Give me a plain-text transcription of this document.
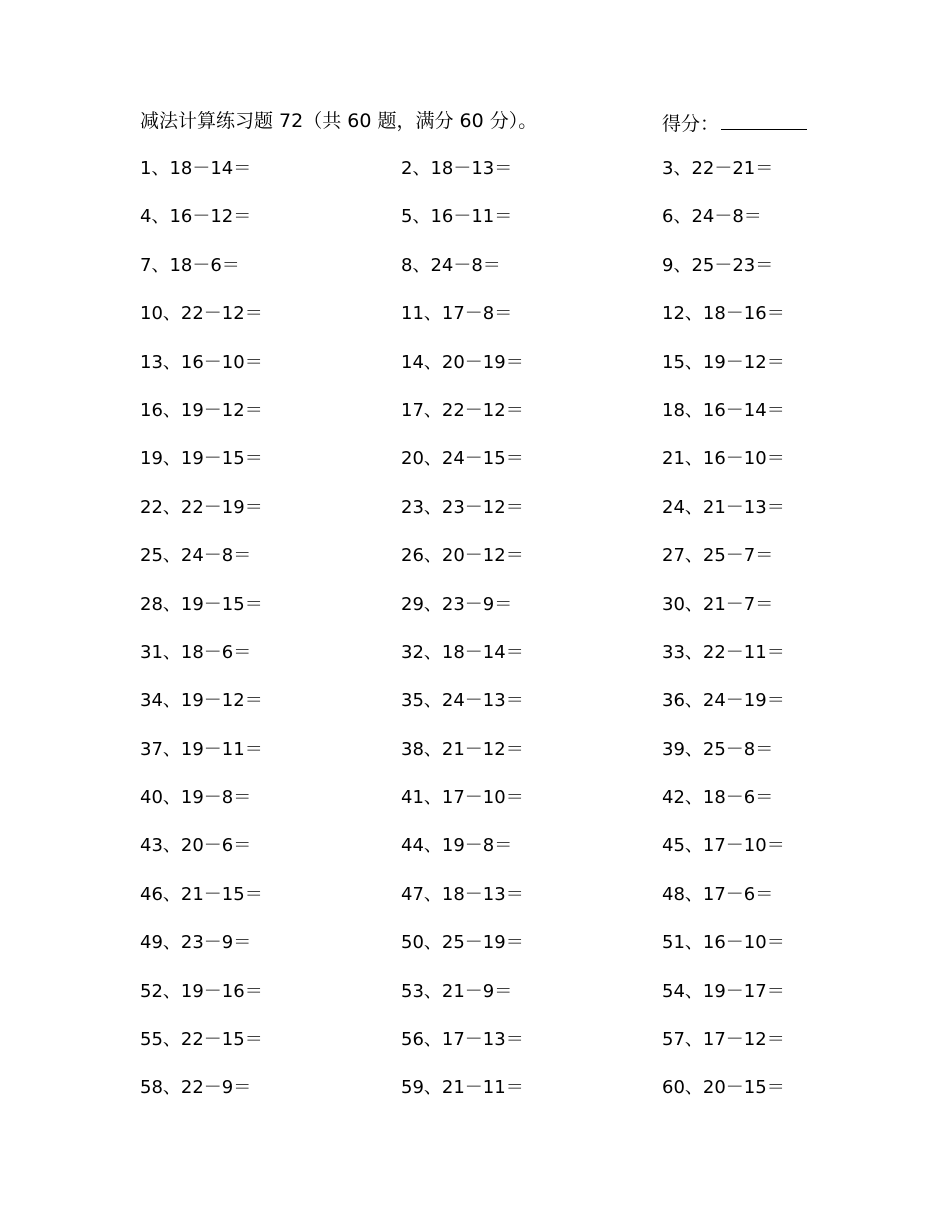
减法计算练习题 72（共 60 题，满分 60 分）。	得分：
1、18－14＝	2、18－13＝	3、22－21＝
4、16－12＝	5、16－11＝	6、24－8＝
7、18－6＝	8、24－8＝	9、25－23＝
10、22－12＝	11、17－8＝	12、18－16＝
13、16－10＝	14、20－19＝	15、19－12＝
16、19－12＝	17、22－12＝	18、16－14＝
19、19－15＝	20、24－15＝	21、16－10＝
22、22－19＝	23、23－12＝	24、21－13＝
25、24－8＝	26、20－12＝	27、25－7＝
28、19－15＝	29、23－9＝	30、21－7＝
31、18－6＝	32、18－14＝	33、22－11＝
34、19－12＝	35、24－13＝	36、24－19＝
37、19－11＝	38、21－12＝	39、25－8＝
40、19－8＝	41、17－10＝	42、18－6＝
43、20－6＝	44、19－8＝	45、17－10＝
46、21－15＝	47、18－13＝	48、17－6＝
49、23－9＝	50、25－19＝	51、16－10＝
52、19－16＝	53、21－9＝	54、19－17＝
55、22－15＝	56、17－13＝	57、17－12＝
58、22－9＝	59、21－11＝	60、20－15＝
